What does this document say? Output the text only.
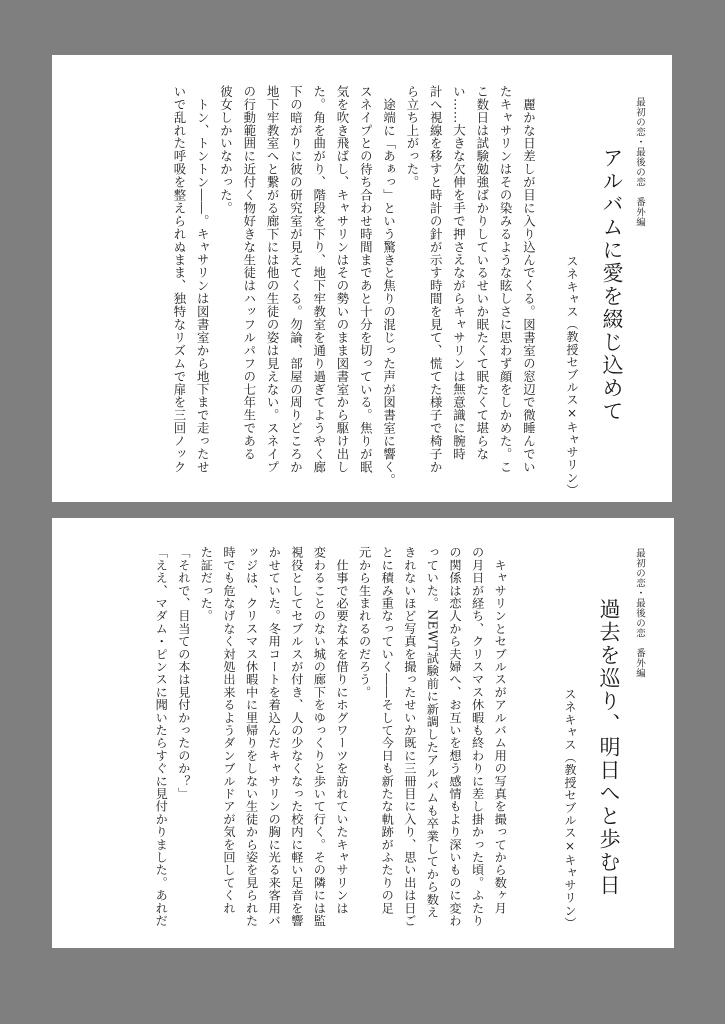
最初の恋・最後の恋　番外編
アルバムに愛を綴じ込めて
スネキャス（教授セブルス×キャサリン）
　麗かな日差しが目に入り込んでくる。図書室の窓辺で微睡んでい
たキャサリンはその染みるような眩しさに思わず顔をしかめた。こ
こ数日は試験勉強ばかりしているせいか眠たくて眠たくて堪らな
い……大きな欠伸を手で押さえながらキャサリンは無意識に腕時
計へ視線を移すと時計の針が示す時間を見て、慌てた様子で椅子か
ら立ち上がった。
　途端に「あぁっ」という驚きと焦りの混じった声が図書室に響く。
スネイプとの待ち合わせ時間まであと十分を切っている。焦りが眠
気を吹き飛ばし、キャサリンはその勢いのまま図書室から駆け出し
た。角を曲がり、階段を下り、地下牢教室を通り過ぎてようやく廊
下の暗がりに彼の研究室が見えてくる。勿論、部屋の周りどころか
地下牢教室へと繋がる廊下には他の生徒の姿は見えない。スネイプ
の行動範囲に近付く物好きな生徒はハッフルパフの七年生である
彼女しかいなかった。
　トン、トントン――。キャサリンは図書室から地下まで走ったせ
いで乱れた呼吸を整えられぬまま、独特なリズムで扉を三回ノック
最初の恋・最後の恋　番外編
過去を巡り、明日へと歩む日
スネキャス（教授セブルス×キャサリン）
　キャサリンとセブルスがアルバム用の写真を撮ってから数ヶ月
の月日が経ち、クリスマス休暇も終わりに差し掛かった頃。ふたり
の関係は恋人から夫婦へ、お互いを想う感情もより深いものに変わ
っていた。NEWT試験前に新調したアルバムも卒業してから数え
きれないほど写真を撮ったせいか既に三冊目に入り、思い出は日ご
とに積み重なっていく――そして今日も新たな軌跡がふたりの足
元から生まれるのだろう。
　仕事で必要な本を借りにホグワーツを訪れていたキャサリンは
変わることのない城の廊下をゆっくりと歩いて行く。その隣には監
視役としてセブルスが付き、人の少なくなった校内に軽い足音を響
かせていた。冬用コートを着込んだキャサリンの胸に光る来客用バ
ッジは、クリスマス休暇中に里帰りをしない生徒から姿を見られた
時でも危なげなく対処出来るようダンブルドアが気を回してくれ
た証だった。
「それで、目当ての本は見付かったのか？」
「ええ、マダム・ピンスに聞いたらすぐに見付かりました。あれだ
